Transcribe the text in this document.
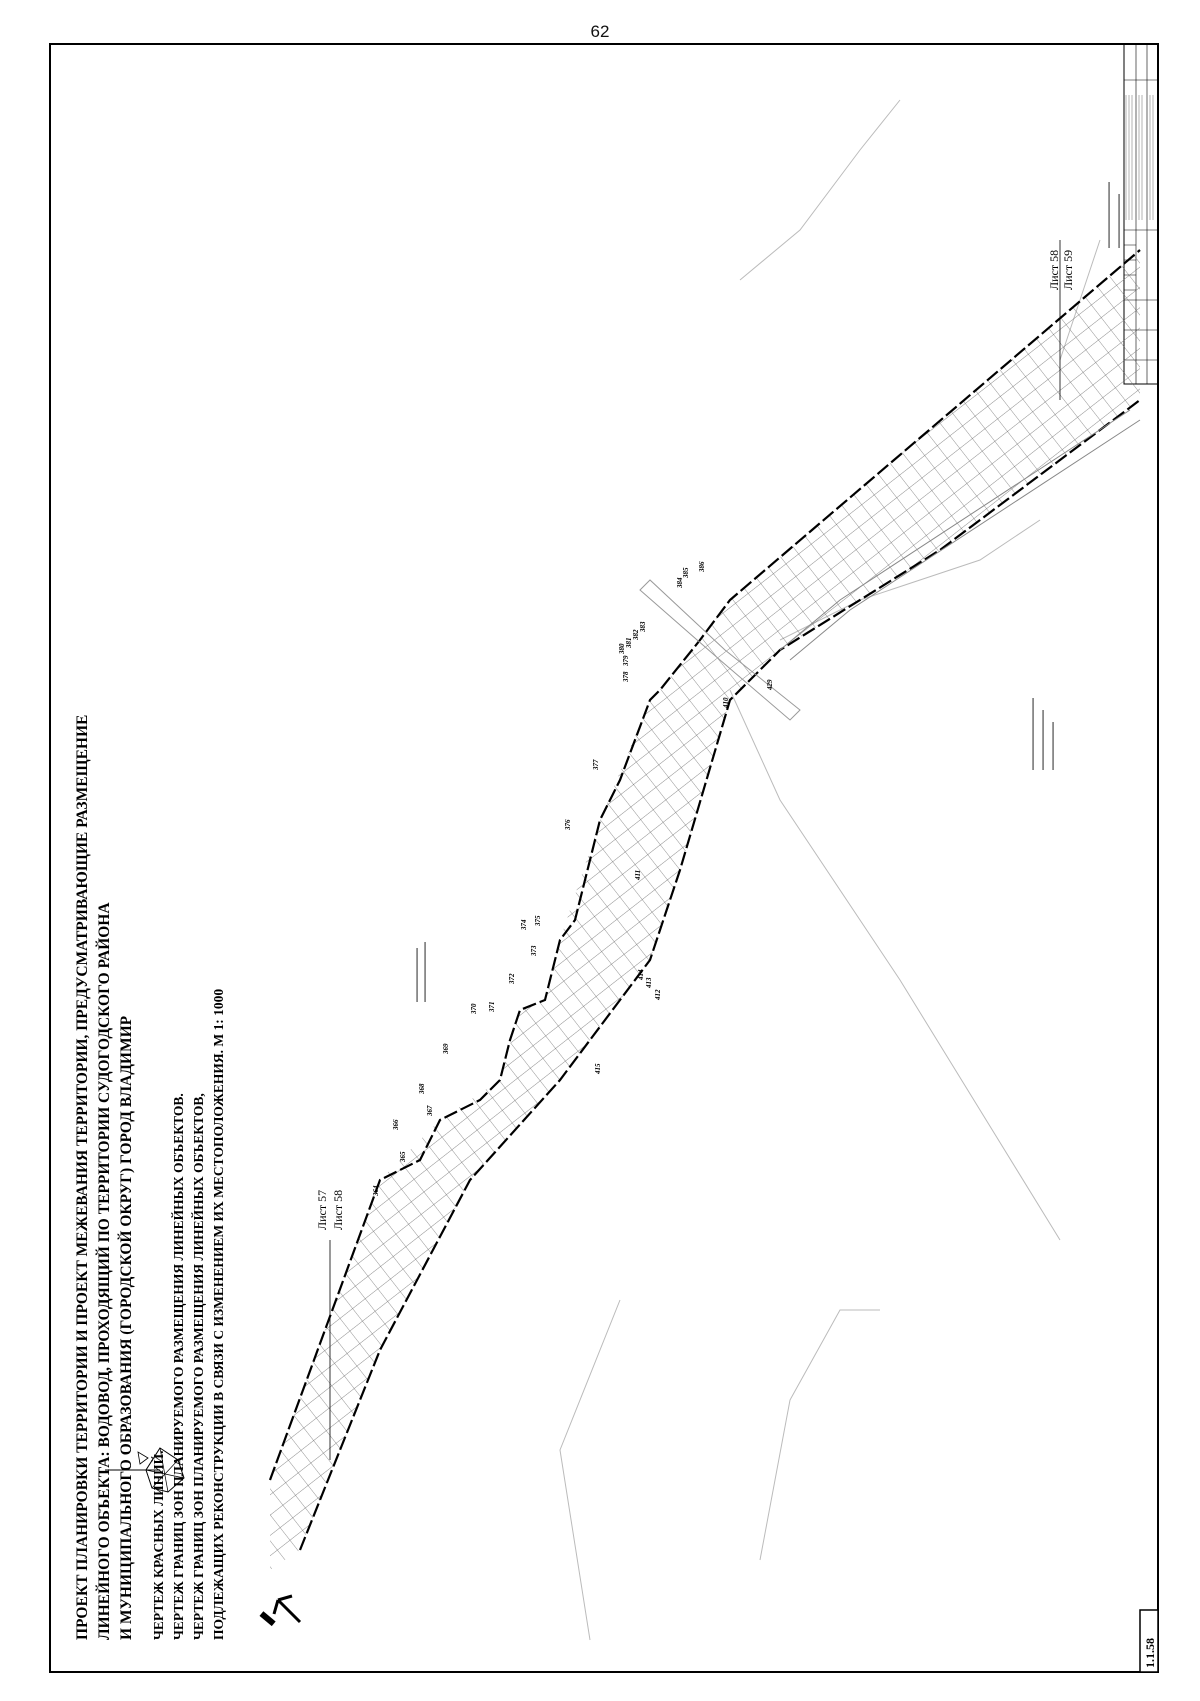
62
1.1.58
▬▬▬▬▬▬▬▬▬ ▬▬▬▬▬▬▬▬▬▬
▬▬▬▬▬▬▬▬▬▬▬▬ ▬▬▬▬▬▬▬▬▬▬ ▬▬▬▬▬▬▬▬
▬▬▬▬▬▬▬▬▬▬▬ ▬▬▬▬▬▬▬▬▬
Лист 57 Лист 58
Лист 58 Лист 59
364
365
366
367
368
369
370 371
372
373
374 375
376
377
378
379
380
381
382
383
384
385
386
410
411
412
413
414
415
429
ПРОЕКТ ПЛАНИРОВКИ ТЕРРИТОРИИ И ПРОЕКТ МЕЖЕВАНИЯ ТЕРРИТОРИИ, ПРЕДУСМАТРИВАЮЩИЕ РАЗМЕЩЕНИЕ ЛИНЕЙНОГО ОБЪЕКТА: ВОДОВОД, ПРОХОДЯЩИЙ ПО ТЕРРИТОРИИ СУДОГОДСКОГО РАЙОНА И МУНИЦИПАЛЬНОГО ОБРАЗОВАНИЯ (ГОРОДСКОЙ ОКРУГ) ГОРОД ВЛАДИМИР ЧЕРТЕЖ КРАСНЫХ ЛИНИЙ. ЧЕРТЕЖ ГРАНИЦ ЗОН ПЛАНИРУЕМОГО РАЗМЕЩЕНИЯ ЛИНЕЙНЫХ ОБЪЕКТОВ. ЧЕРТЕЖ ГРАНИЦ ЗОН ПЛАНИРУЕМОГО РАЗМЕЩЕНИЯ ЛИНЕЙНЫХ ОБЪЕКТОВ, ПОДЛЕЖАЩИХ РЕКОНСТРУКЦИИ В СВЯЗИ С ИЗМЕНЕНИЕМ ИХ МЕСТОПОЛОЖЕНИЯ. М 1: 1000
